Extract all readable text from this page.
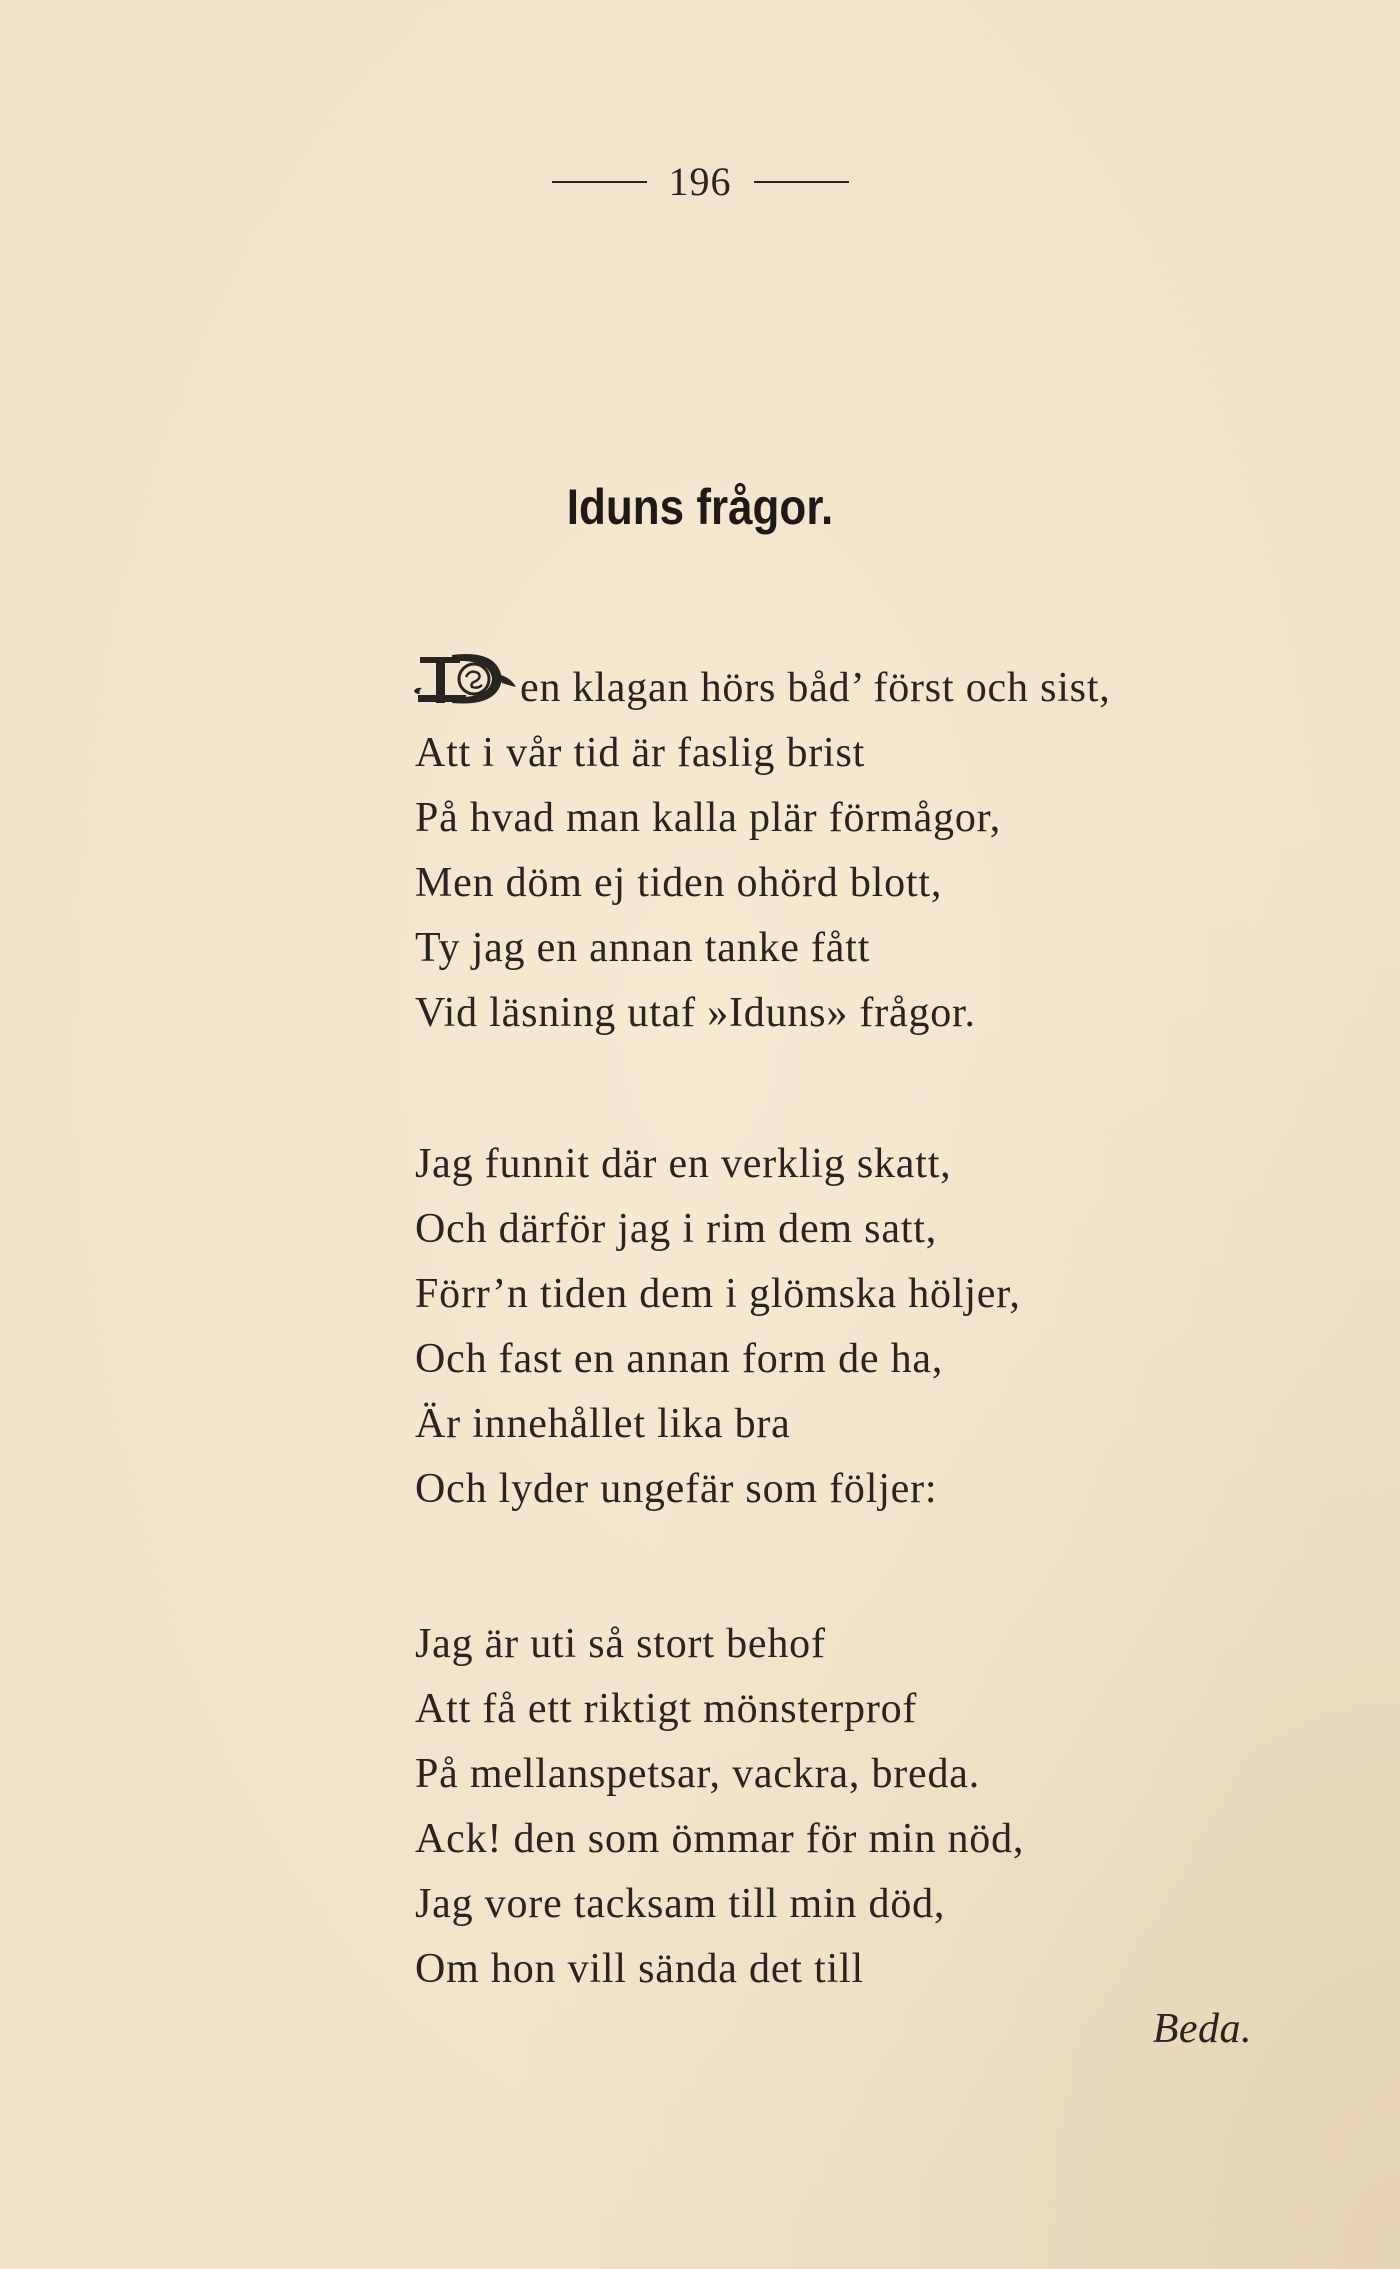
196
Iduns frågor.
en klagan hörs båd’ först och sist,
Att i vår tid är faslig brist
På hvad man kalla plär förmågor,
Men döm ej tiden ohörd blott,
Ty jag en annan tanke fått
Vid läsning utaf »Iduns» frågor.
Jag funnit där en verklig skatt,
Och därför jag i rim dem satt,
Förr’n tiden dem i glömska höljer,
Och fast en annan form de ha,
Är innehållet lika bra
Och lyder ungefär som följer:
Jag är uti så stort behof
Att få ett riktigt mönsterprof
På mellanspetsar, vackra, breda.
Ack! den som ömmar för min nöd,
Jag vore tacksam till min död,
Om hon vill sända det till
Beda.
